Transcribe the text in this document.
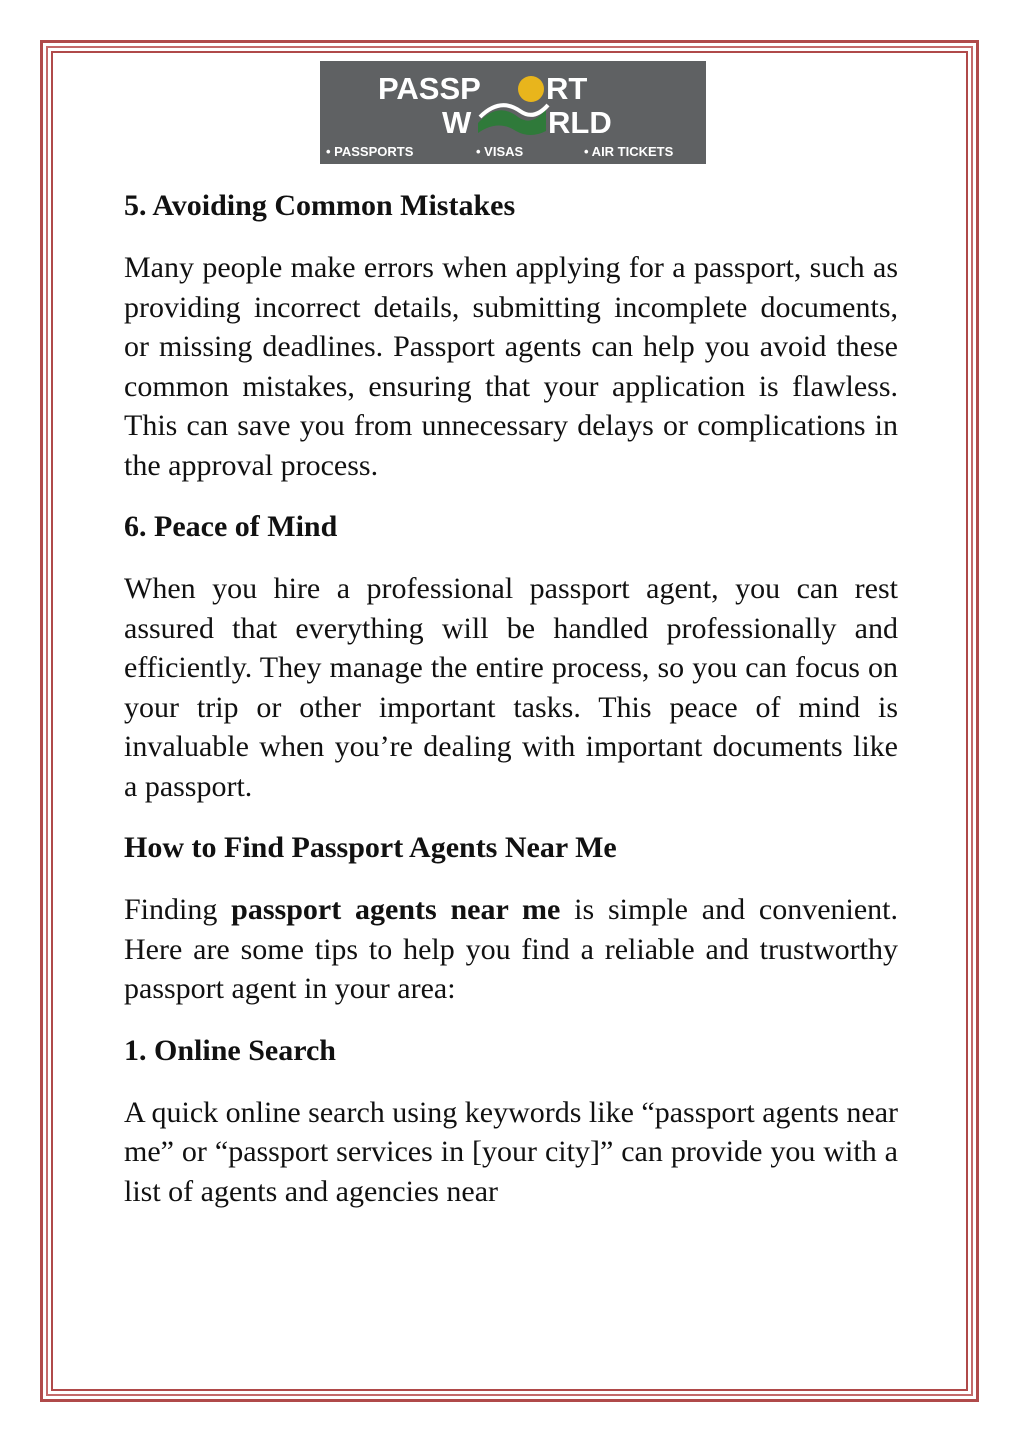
PASSP RT
W RLD
• PASSPORTS	• VISAS	• AIR TICKETS
5. Avoiding Common Mistakes

Many people make errors when applying for a passport, such as providing incorrect details, submitting incomplete documents, or missing deadlines. Passport agents can help you avoid these common mistakes, ensuring that your application is flawless. This can save you from unnecessary delays or complications in the approval process.

6. Peace of Mind

When you hire a professional passport agent, you can rest assured that everything will be handled professionally and efficiently. They manage the entire process, so you can focus on your trip or other important tasks. This peace of mind is invaluable when you’re dealing with important documents like a passport.

How to Find Passport Agents Near Me

Finding passport agents near me is simple and convenient. Here are some tips to help you find a reliable and trustworthy passport agent in your area:

1. Online Search

A quick online search using keywords like “passport agents near me” or “passport services in [your city]” can provide you with a list of agents and agencies near
